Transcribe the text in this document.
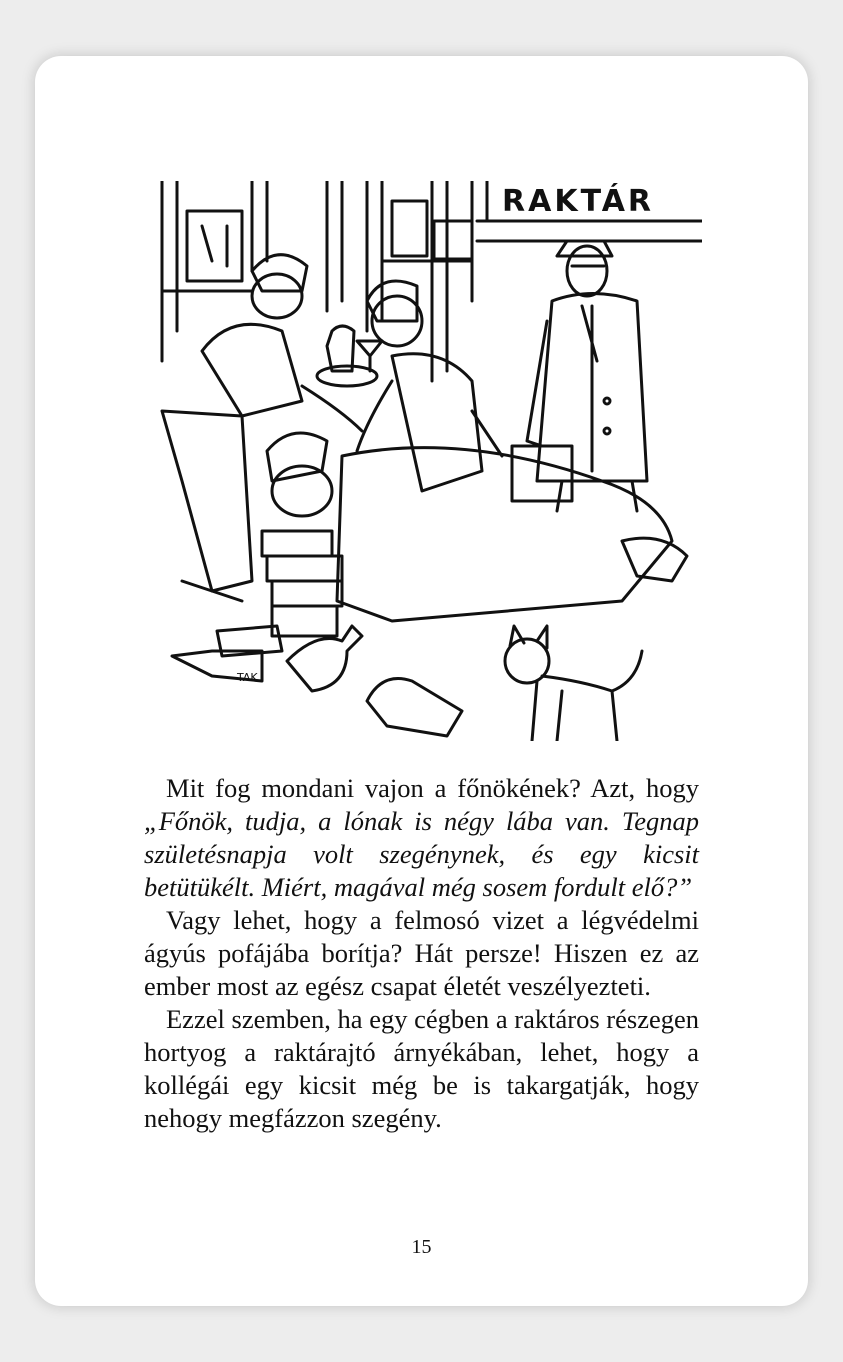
RAKTÁR
TAK

Mit fog mondani vajon a főnökének? Azt, hogy „Főnök, tudja, a lónak is négy lába van. Tegnap születésnapja volt szegénynek, és egy kicsit betütükélt. Miért, magával még sosem fordult elő?”

Vagy lehet, hogy a felmosó vizet a légvédelmi ágyús pofájába borítja? Hát persze! Hiszen ez az ember most az egész csapat életét veszélyezteti.

Ezzel szemben, ha egy cégben a raktáros részegen hortyog a raktárajtó árnyékában, lehet, hogy a kollégái egy kicsit még be is takargatják, hogy nehogy megfázzon szegény.

15
